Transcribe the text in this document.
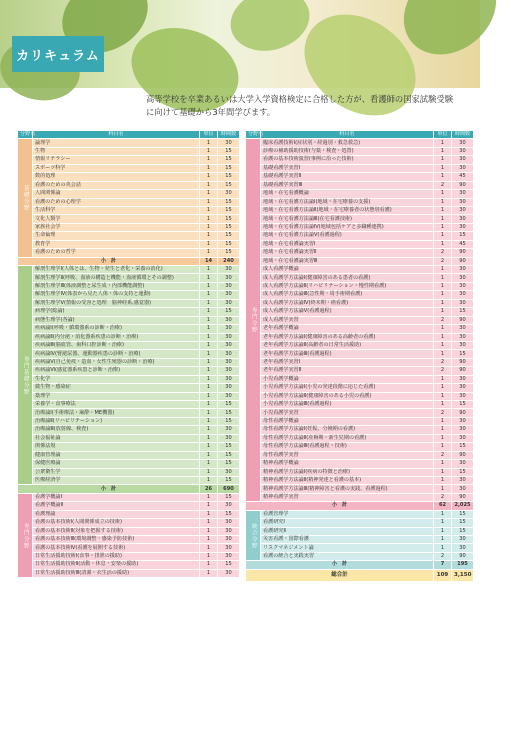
カリキュラム
高等学校を卒業あるいは大学入学資格検定に合格した方が、看護師の国家試験受験
に向けて基礎から3年間学びます。
分野名	科目名	単位	時間数
基礎分野	論理学	1	30
	生物	1	15
	情報リテラシー	1	15
	スポーツ科学	1	15
	数的処理	1	15
	看護のための英会話	1	15
	人間関係論	1	30
	看護のための心理学	1	15
	生活科学	1	15
	文化人類学	1	15
	家族社会学	1	15
	生命倫理	1	15
	教育学	1	15
	看護のための哲学	1	15
小　計		14	240
専門基礎分野	解剖生理学Ⅰ(人体とは、生物・発生と老化・栄養の消化)	1	30
	解剖生理学Ⅱ(呼吸、血液の構造と機能・血液循環とその調整)	1	30
	解剖生理学Ⅲ(体液調整と尿生成・内部機能調整)	1	30
	解剖生理学Ⅳ(体表から見た人体・体の支持と運動)	1	30
	解剖生理学Ⅴ(情報の受容と処理　脳神経系,感覚器)	1	30
	病理学(総論)	1	15
	病態生理学(各論)	1	30
	疾病論Ⅰ(呼吸・循環器系の診断・治療)	1	30
	疾病論Ⅱ(内分泌・消化器系疾患の診断・治療)	1	30
	疾病論Ⅲ(脳血管、歯科口腔診断・治療)	1	30
	疾病論Ⅳ(腎泌尿器、運動器疾患の診断・治療)	1	30
	疾病論Ⅴ(自己免疫・造血・女性生殖器の診断・治療)	1	30
	疾病論Ⅵ(感覚器系疾患と診断・治療)	1	30
	生化学	1	30
	微生物・感染症	1	30
	薬理学	1	30
	栄養学・食事療法	1	15
	治療論Ⅰ(手術療法・麻酔・ME機器)	1	15
	治療論Ⅱ(リハビリテーション)	1	15
	治療論Ⅲ(放射線、検査)	1	30
	社会福祉論	1	30
	関係法規	1	15
	健康管理論	1	15
	保健医療論	1	15
	公衆衛生学	1	30
	医療経済学	1	15
小　計		26	690
専門分野	看護学概論Ⅰ	1	15
	看護学概論Ⅱ	1	30
	看護理論	1	15
	看護の基本技術Ⅰ(人間関係成立の技術)	1	30
	看護の基本技術Ⅱ(対象を把握する技術)	1	30
	看護の基本技術Ⅲ(環境調整・感染予防技術)	1	30
	看護の基本技術Ⅳ(看護を展開する技術)	1	30
	日常生活援助技術Ⅰ(食事・排泄の援助)	1	30
	日常生活援助技術Ⅱ(活動・休息・安楽の援助)	1	15
	日常生活援助技術Ⅲ(清潔・衣生活の援助)	1	30
分野名	科目名	単位	時間数
専門分野	臨床看護技術Ⅰ(症状別・経過別・救急救急)	1	30
	診療の補助援助技術(与薬・検査・処置)	1	30
	看護の基本技術演習(事例に沿った技術)	1	30
	基礎看護学実習Ⅰ	1	30
	基礎看護学実習Ⅱ	1	45
	基礎看護学実習Ⅲ	2	90
	地域・在宅看護概論	1	30
	地域・在宅看護方法論Ⅰ(地域・在宅療養の支援)	1	30
	地域・在宅看護方法論Ⅱ(地域・在宅療養者の状態別看護)	1	30
	地域・在宅看護方法論Ⅲ(在宅看護技術)	1	30
	地域・在宅看護方法論Ⅳ(地域包括ケアと多職種連携)	1	30
	地域・在宅看護方法論Ⅴ(看護過程)	1	15
	地域・在宅看護論実習Ⅰ	1	45
	地域・在宅看護論実習Ⅱ	2	90
	地域・在宅看護論実習Ⅲ	2	90
	成人看護学概論	1	30
	成人看護学方法論Ⅰ(健康障害のある患者の看護)	1	30
	成人看護学方法論Ⅱ(リハビリテーション・慢性期看護)	1	30
	成人看護学方法論Ⅲ(急性期・周手術期看護)	1	30
	成人看護学方法論Ⅳ(終末期・癌看護)	1	30
	成人看護学方法論Ⅴ(看護過程)	1	15
	成人看護学実習	2	90
	老年看護学概論	1	30
	老年看護学方法論Ⅰ(健康障害のある高齢者の看護)	1	30
	老年看護学方法論Ⅱ(高齢者の日常生活援助)	1	30
	老年看護学方法論Ⅲ(看護過程)	1	15
	老年看護学実習Ⅰ	2	90
	老年看護学実習Ⅱ	2	90
	小児看護学概論	1	30
	小児看護学方法論Ⅰ(小児の発達段階に応じた看護)	1	30
	小児看護学方法論Ⅱ(健康障害のある小児の看護)	1	30
	小児看護学方法論Ⅲ(看護過程)	1	15
	小児看護学実習	2	90
	母性看護学概論	1	30
	母性看護学方法論Ⅰ(妊娠、分娩期の看護)	1	30
	母性看護学方法論Ⅱ(産褥期・新生児期の看護)	1	30
	母性看護学方法論Ⅲ(看護過程・技術)	1	15
	母性看護学実習	2	90
	精神看護学概論	1	30
	精神看護学方法論Ⅰ(疾病の特徴と治療)	1	15
	精神看護学方法論Ⅱ(精神発達と看護の基本)	1	30
	精神看護学方法論Ⅲ(精神障害と看護の実践、看護過程)	1	30
	精神看護学実習	2	90
小　計		62	2,025
統合分野	看護管理学	1	15
	看護研究Ⅰ	1	15
	看護研究Ⅱ	1	15
	災害看護・国際看護	1	30
	リスクマネジメント論	1	30
	看護の統合と実践実習	2	90
小　計		7	195
総合計		109	3,150
